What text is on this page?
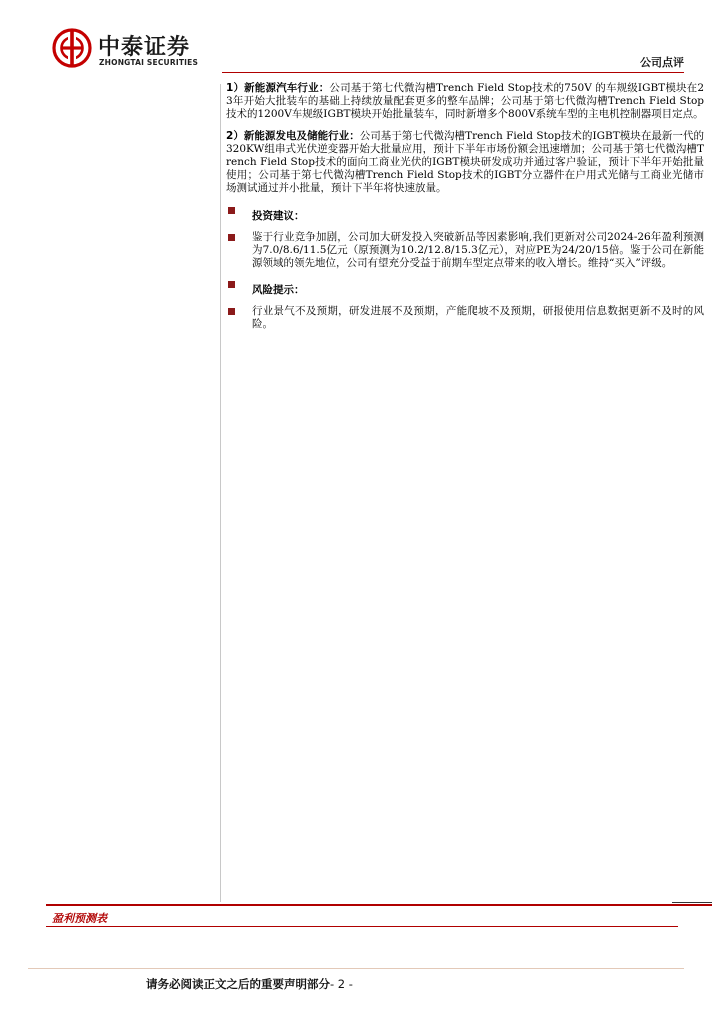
中泰证券
ZHONGTAI SECURITIES	公司点评

1）新能源汽车行业：公司基于第七代微沟槽Trench Field Stop技术的750V 的车规级IGBT模块在23年开始大批装车的基础上持续放量配套更多的整车品牌；公司基于第七代微沟槽Trench Field Stop技术的1200V车规级IGBT模块开始批量装车，同时新增多个800V系统车型的主电机控制器项目定点。

2）新能源发电及储能行业：公司基于第七代微沟槽Trench Field Stop技术的IGBT模块在最新一代的320KW组串式光伏逆变器开始大批量应用，预计下半年市场份额会迅速增加；公司基于第七代微沟槽Trench Field Stop技术的面向工商业光伏的IGBT模块研发成功并通过客户验证，预计下半年开始批量使用；公司基于第七代微沟槽Trench Field Stop技术的IGBT分立器件在户用式光储与工商业光储市场测试通过并小批量，预计下半年将快速放量。

投资建议：
鉴于行业竞争加剧，公司加大研发投入突破新品等因素影响,我们更新对公司2024-26年盈利预测为7.0/8.6/11.5亿元（原预测为10.2/12.8/15.3亿元），对应PE为24/20/15倍。鉴于公司在新能源领域的领先地位，公司有望充分受益于前期车型定点带来的收入增长。维持“买入”评级。
风险提示：
行业景气不及预期，研发进展不及预期，产能爬坡不及预期，研报使用信息数据更新不及时的风险。
盈利预测表
请务必阅读正文之后的重要声明部分- 2 -
